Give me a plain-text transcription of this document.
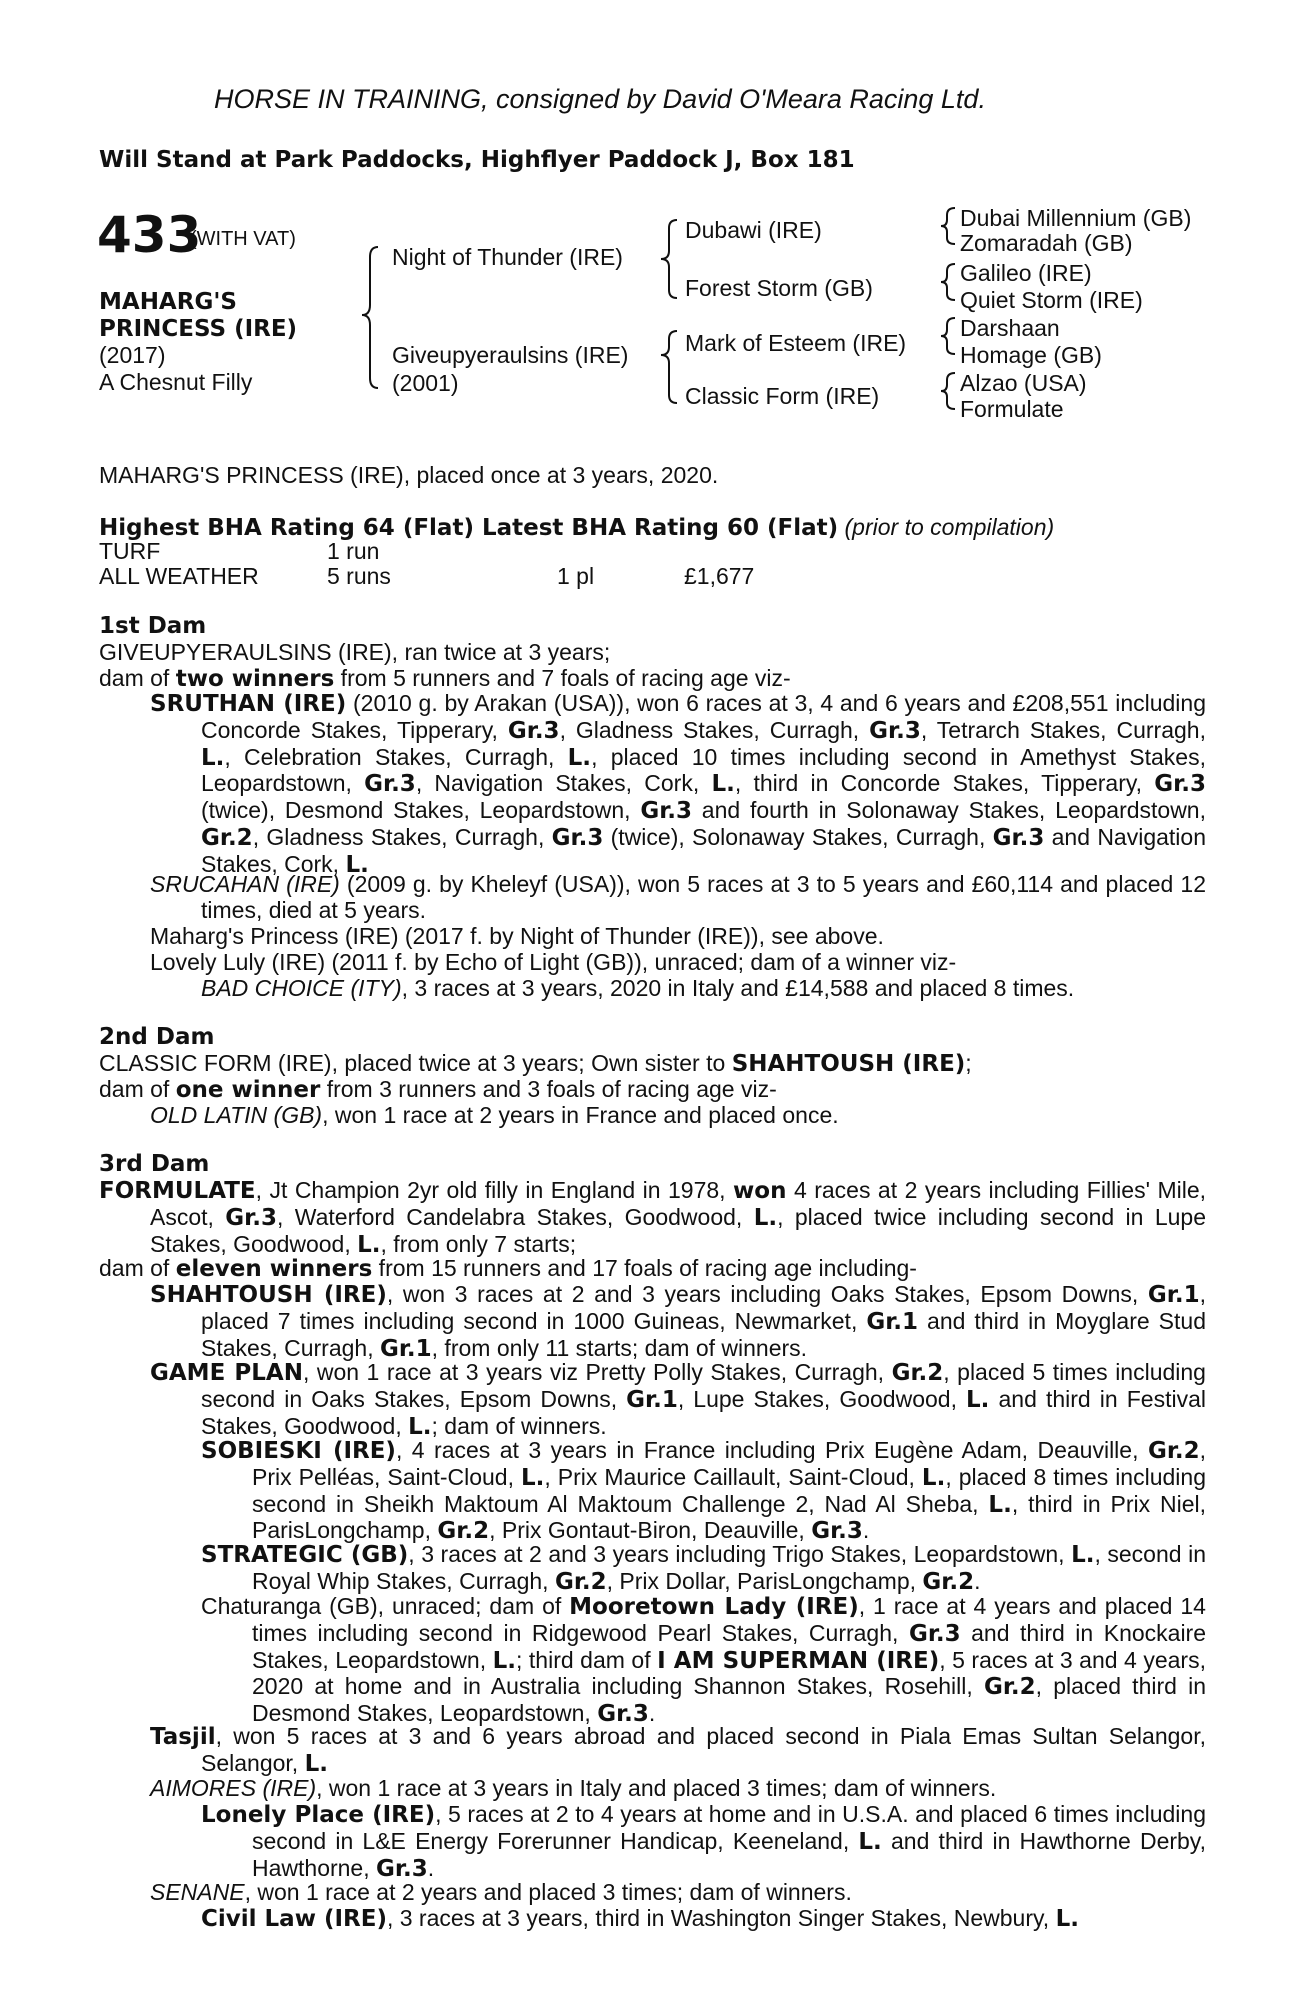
HORSE IN TRAINING, consigned by David O'Meara Racing Ltd.
Will Stand at Park Paddocks, Highflyer Paddock J, Box 181
433
(WITH VAT)
MAHARG'S
PRINCESS (IRE)
(2017)
A Chesnut Filly
Night of Thunder (IRE)
Giveupyeraulsins (IRE)
(2001)
Dubawi (IRE)
Forest Storm (GB)
Mark of Esteem (IRE)
Classic Form (IRE)
Dubai Millennium (GB)
Zomaradah (GB)
Galileo (IRE)
Quiet Storm (IRE)
Darshaan
Homage (GB)
Alzao (USA)
Formulate
MAHARG'S PRINCESS (IRE), placed once at 3 years, 2020.
Highest BHA Rating 64 (Flat) Latest BHA Rating 60 (Flat) (prior to compilation)
TURF	1 run
ALL WEATHER	5 runs	1 pl	£1,677
1st Dam
GIVEUPYERAULSINS (IRE), ran twice at 3 years;
dam of two winners from 5 runners and 7 foals of racing age viz-
SRUTHAN (IRE) (2010 g. by Arakan (USA)), won 6 races at 3, 4 and 6 years and £208,551 including Concorde Stakes, Tipperary, Gr.3, Gladness Stakes, Curragh, Gr.3, Tetrarch Stakes, Curragh, L., Celebration Stakes, Curragh, L., placed 10 times including second in Amethyst Stakes, Leopardstown, Gr.3, Navigation Stakes, Cork, L., third in Concorde Stakes, Tipperary, Gr.3 (twice), Desmond Stakes, Leopardstown, Gr.3 and fourth in Solonaway Stakes, Leopardstown, Gr.2, Gladness Stakes, Curragh, Gr.3 (twice), Solonaway Stakes, Curragh, Gr.3 and Navigation Stakes, Cork, L.
SRUCAHAN (IRE) (2009 g. by Kheleyf (USA)), won 5 races at 3 to 5 years and £60,114 and placed 12 times, died at 5 years.
Maharg's Princess (IRE) (2017 f. by Night of Thunder (IRE)), see above.
Lovely Luly (IRE) (2011 f. by Echo of Light (GB)), unraced; dam of a winner viz-
BAD CHOICE (ITY), 3 races at 3 years, 2020 in Italy and £14,588 and placed 8 times.
2nd Dam
CLASSIC FORM (IRE), placed twice at 3 years; Own sister to SHAHTOUSH (IRE);
dam of one winner from 3 runners and 3 foals of racing age viz-
OLD LATIN (GB), won 1 race at 2 years in France and placed once.
3rd Dam
FORMULATE, Jt Champion 2yr old filly in England in 1978, won 4 races at 2 years including Fillies' Mile, Ascot, Gr.3, Waterford Candelabra Stakes, Goodwood, L., placed twice including second in Lupe Stakes, Goodwood, L., from only 7 starts;
dam of eleven winners from 15 runners and 17 foals of racing age including-
SHAHTOUSH (IRE), won 3 races at 2 and 3 years including Oaks Stakes, Epsom Downs, Gr.1, placed 7 times including second in 1000 Guineas, Newmarket, Gr.1 and third in Moyglare Stud Stakes, Curragh, Gr.1, from only 11 starts; dam of winners.
GAME PLAN, won 1 race at 3 years viz Pretty Polly Stakes, Curragh, Gr.2, placed 5 times including second in Oaks Stakes, Epsom Downs, Gr.1, Lupe Stakes, Goodwood, L. and third in Festival Stakes, Goodwood, L.; dam of winners.
SOBIESKI (IRE), 4 races at 3 years in France including Prix Eugène Adam, Deauville, Gr.2, Prix Pelléas, Saint-Cloud, L., Prix Maurice Caillault, Saint-Cloud, L., placed 8 times including second in Sheikh Maktoum Al Maktoum Challenge 2, Nad Al Sheba, L., third in Prix Niel, ParisLongchamp, Gr.2, Prix Gontaut-Biron, Deauville, Gr.3.
STRATEGIC (GB), 3 races at 2 and 3 years including Trigo Stakes, Leopardstown, L., second in Royal Whip Stakes, Curragh, Gr.2, Prix Dollar, ParisLongchamp, Gr.2.
Chaturanga (GB), unraced; dam of Mooretown Lady (IRE), 1 race at 4 years and placed 14 times including second in Ridgewood Pearl Stakes, Curragh, Gr.3 and third in Knockaire Stakes, Leopardstown, L.; third dam of I AM SUPERMAN (IRE), 5 races at 3 and 4 years, 2020 at home and in Australia including Shannon Stakes, Rosehill, Gr.2, placed third in Desmond Stakes, Leopardstown, Gr.3.
Tasjil, won 5 races at 3 and 6 years abroad and placed second in Piala Emas Sultan Selangor, Selangor, L.
AIMORES (IRE), won 1 race at 3 years in Italy and placed 3 times; dam of winners.
Lonely Place (IRE), 5 races at 2 to 4 years at home and in U.S.A. and placed 6 times including second in L&E Energy Forerunner Handicap, Keeneland, L. and third in Hawthorne Derby, Hawthorne, Gr.3.
SENANE, won 1 race at 2 years and placed 3 times; dam of winners.
Civil Law (IRE), 3 races at 3 years, third in Washington Singer Stakes, Newbury, L.
